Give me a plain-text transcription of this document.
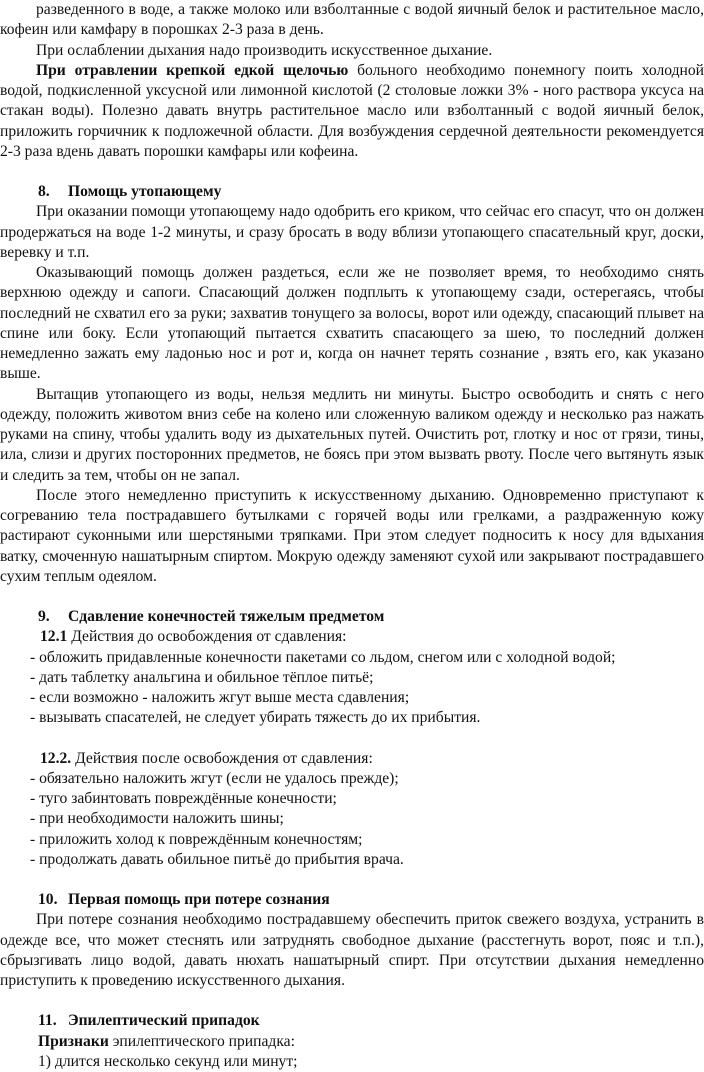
разведенного в воде, а также молоко или взболтанные с водой яичный белок и растительное масло, кофеин или камфару в порошках 2-3 раза в день.

При ослаблении дыхания надо производить искусственное дыхание.

При отравлении крепкой едкой щелочью больного необходимо понемногу поить холодной водой, подкисленной уксусной или лимонной кислотой (2 столовые ложки 3% - ного раствора уксуса на стакан воды). Полезно давать внутрь растительное масло или взболтанный с водой яичный белок, приложить горчичник к подложечной области. Для возбуждения сердечной деятельности рекомендуется 2-3 раза вдень давать порошки камфары или кофеина.

8. Помощь утопающему

При оказании помощи утопающему надо одобрить его криком, что сейчас его спасут, что он должен продержаться на воде 1-2 минуты, и сразу бросать в воду вблизи утопающего спасательный круг, доски, веревку и т.п.

Оказывающий помощь должен раздеться, если же не позволяет время, то необходимо снять верхнюю одежду и сапоги. Спасающий должен подплыть к утопающему сзади, остерегаясь, чтобы последний не схватил его за руки; захватив тонущего за волосы, ворот или одежду, спасающий плывет на спине или боку. Если утопающий пытается схватить спасающего за шею, то последний должен немедленно зажать ему ладонью нос и рот и, когда он начнет терять сознание , взять его, как указано выше.

Вытащив утопающего из воды, нельзя медлить ни минуты. Быстро освободить и снять с него одежду, положить животом вниз себе на колено или сложенную валиком одежду и несколько раз нажать руками на спину, чтобы удалить воду из дыхательных путей. Очистить рот, глотку и нос от грязи, тины, ила, слизи и других посторонних предметов, не боясь при этом вызвать рвоту. После чего вытянуть язык и следить за тем, чтобы он не запал.

После этого немедленно приступить к искусственному дыханию. Одновременно приступают к согреванию тела пострадавшего бутылками с горячей воды или грелками, а раздраженную кожу растирают суконными или шерстяными тряпками. При этом следует подносить к носу для вдыхания ватку, смоченную нашатырным спиртом. Мокрую одежду заменяют сухой или закрывают пострадавшего сухим теплым одеялом.

9. Сдавление конечностей тяжелым предметом

12.1 Действия до освобождения от сдавления:

- обложить придавленные конечности пакетами со льдом, снегом или с холодной водой;

- дать таблетку анальгина и обильное тёплое питьё;

- если возможно - наложить жгут выше места сдавления;

- вызывать спасателей, не следует убирать тяжесть до их прибытия.

12.2. Действия после освобождения от сдавления:

- обязательно наложить жгут (если не удалось прежде);

- туго забинтовать повреждённые конечности;

- при необходимости наложить шины;

- приложить холод к повреждённым конечностям;

- продолжать давать обильное питьё до прибытия врача.

10. Первая помощь при потере сознания

При потере сознания необходимо пострадавшему обеспечить приток свежего воздуха, устранить в одежде все, что может стеснять или затруднять свободное дыхание (расстегнуть ворот, пояс и т.п.), сбрызгивать лицо водой, давать нюхать нашатырный спирт. При отсутствии дыхания немедленно приступить к проведению искусственного дыхания.

11. Эпилептический припадок

Признаки эпилептического припадка:

1) длится несколько секунд или минут;
